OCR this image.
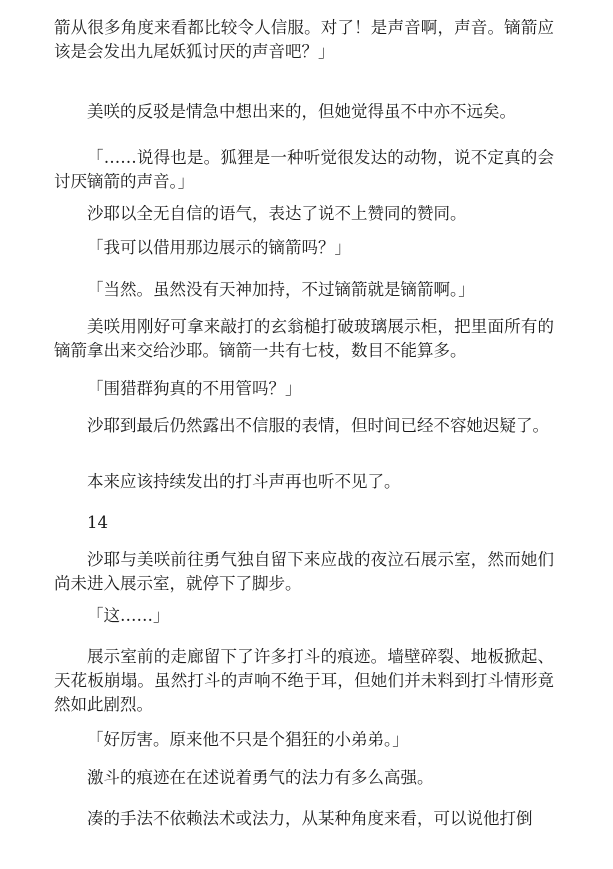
箭从很多角度来看都比较令人信服。对了！是声音啊，声音。镝箭应该是会发出九尾妖狐讨厌的声音吧？」

美咲的反驳是情急中想出来的，但她觉得虽不中亦不远矣。

「……说得也是。狐狸是一种听觉很发达的动物，说不定真的会讨厌镝箭的声音。」

沙耶以全无自信的语气，表达了说不上赞同的赞同。

「我可以借用那边展示的镝箭吗？」

「当然。虽然没有天神加持，不过镝箭就是镝箭啊。」

美咲用刚好可拿来敲打的玄翁槌打破玻璃展示柜，把里面所有的镝箭拿出来交给沙耶。镝箭一共有七枝，数目不能算多。

「围猎群狗真的不用管吗？」

沙耶到最后仍然露出不信服的表情，但时间已经不容她迟疑了。

本来应该持续发出的打斗声再也听不见了。

14

沙耶与美咲前往勇气独自留下来应战的夜泣石展示室，然而她们尚未进入展示室，就停下了脚步。

「这……」

展示室前的走廊留下了许多打斗的痕迹。墙壁碎裂、地板掀起、天花板崩塌。虽然打斗的声响不绝于耳，但她们并未料到打斗情形竟然如此剧烈。

「好厉害。原来他不只是个猖狂的小弟弟。」

激斗的痕迹在在述说着勇气的法力有多么高强。

凑的手法不依赖法术或法力，从某种角度来看，可以说他打倒
